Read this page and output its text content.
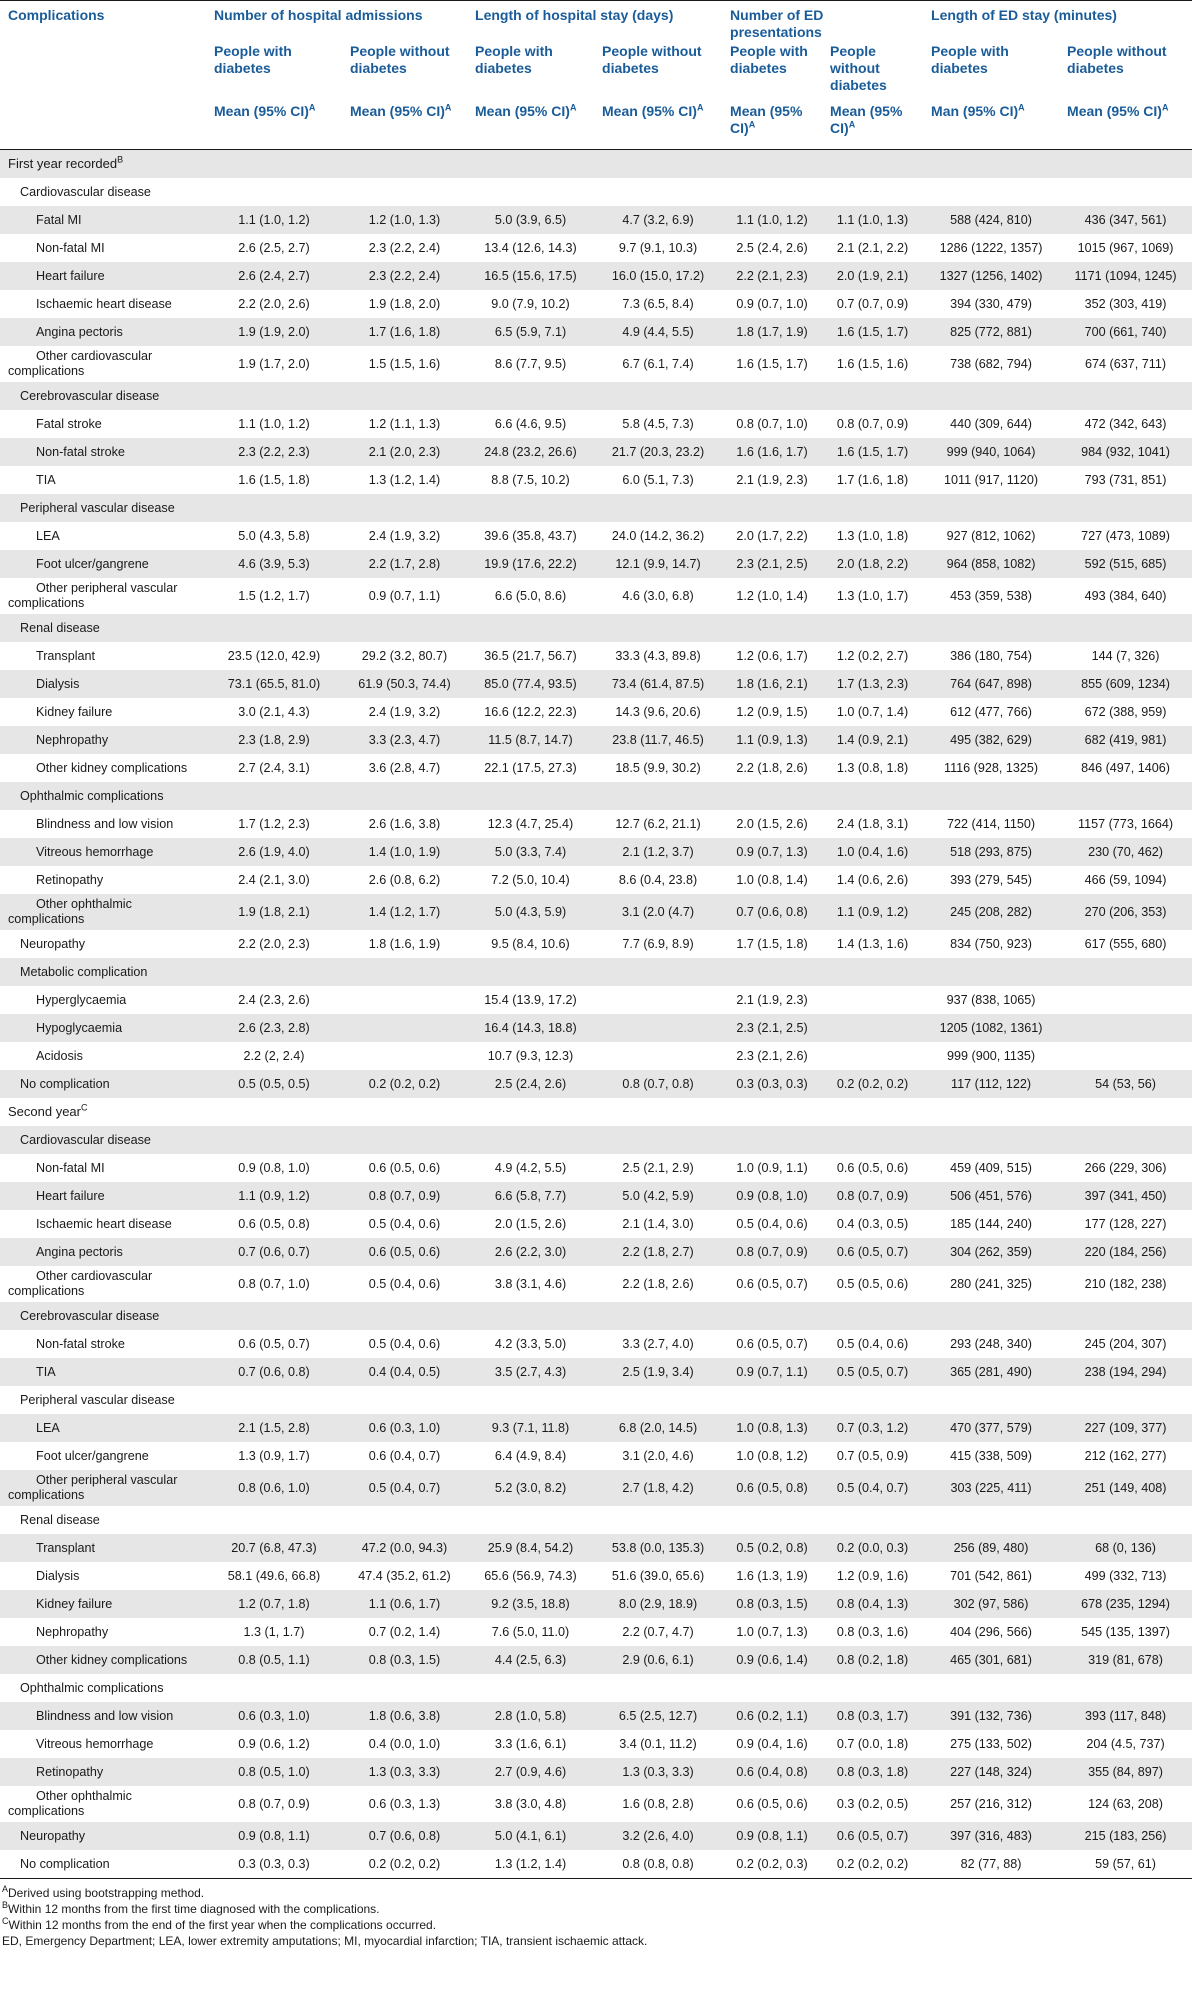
Complications	Number of hospital admissions		Length of hospital stay (days)		Number of ED presentations		Length of ED stay (minutes)	
	People with diabetes	People without diabetes	People with diabetes	People without diabetes	People with diabetes	People without diabetes	People with diabetes	People without diabetes
	Mean (95% CI)$^A$	Mean (95% CI)$^A$	Mean (95% CI)$^A$	Mean (95% CI)$^A$	Mean (95% CI)$^A$	Mean (95% CI)$^A$	Man (95% CI)$^A$	Mean (95% CI)$^A$
First year recorded$^B$								
Cardiovascular disease								
Fatal MI	1.1 (1.0, 1.2)	1.2 (1.0, 1.3)	5.0 (3.9, 6.5)	4.7 (3.2, 6.9)	1.1 (1.0, 1.2)	1.1 (1.0, 1.3)	588 (424, 810)	436 (347, 561)
Non-fatal MI	2.6 (2.5, 2.7)	2.3 (2.2, 2.4)	13.4 (12.6, 14.3)	9.7 (9.1, 10.3)	2.5 (2.4, 2.6)	2.1 (2.1, 2.2)	1286 (1222, 1357)	1015 (967, 1069)
Heart failure	2.6 (2.4, 2.7)	2.3 (2.2, 2.4)	16.5 (15.6, 17.5)	16.0 (15.0, 17.2)	2.2 (2.1, 2.3)	2.0 (1.9, 2.1)	1327 (1256, 1402)	1171 (1094, 1245)
Ischaemic heart disease	2.2 (2.0, 2.6)	1.9 (1.8, 2.0)	9.0 (7.9, 10.2)	7.3 (6.5, 8.4)	0.9 (0.7, 1.0)	0.7 (0.7, 0.9)	394 (330, 479)	352 (303, 419)
Angina pectoris	1.9 (1.9, 2.0)	1.7 (1.6, 1.8)	6.5 (5.9, 7.1)	4.9 (4.4, 5.5)	1.8 (1.7, 1.9)	1.6 (1.5, 1.7)	825 (772, 881)	700 (661, 740)
Other cardiovascular complications	1.9 (1.7, 2.0)	1.5 (1.5, 1.6)	8.6 (7.7, 9.5)	6.7 (6.1, 7.4)	1.6 (1.5, 1.7)	1.6 (1.5, 1.6)	738 (682, 794)	674 (637, 711)
Cerebrovascular disease								
Fatal stroke	1.1 (1.0, 1.2)	1.2 (1.1, 1.3)	6.6 (4.6, 9.5)	5.8 (4.5, 7.3)	0.8 (0.7, 1.0)	0.8 (0.7, 0.9)	440 (309, 644)	472 (342, 643)
Non-fatal stroke	2.3 (2.2, 2.3)	2.1 (2.0, 2.3)	24.8 (23.2, 26.6)	21.7 (20.3, 23.2)	1.6 (1.6, 1.7)	1.6 (1.5, 1.7)	999 (940, 1064)	984 (932, 1041)
TIA	1.6 (1.5, 1.8)	1.3 (1.2, 1.4)	8.8 (7.5, 10.2)	6.0 (5.1, 7.3)	2.1 (1.9, 2.3)	1.7 (1.6, 1.8)	1011 (917, 1120)	793 (731, 851)
Peripheral vascular disease								
LEA	5.0 (4.3, 5.8)	2.4 (1.9, 3.2)	39.6 (35.8, 43.7)	24.0 (14.2, 36.2)	2.0 (1.7, 2.2)	1.3 (1.0, 1.8)	927 (812, 1062)	727 (473, 1089)
Foot ulcer/gangrene	4.6 (3.9, 5.3)	2.2 (1.7, 2.8)	19.9 (17.6, 22.2)	12.1 (9.9, 14.7)	2.3 (2.1, 2.5)	2.0 (1.8, 2.2)	964 (858, 1082)	592 (515, 685)
Other peripheral vascular complications	1.5 (1.2, 1.7)	0.9 (0.7, 1.1)	6.6 (5.0, 8.6)	4.6 (3.0, 6.8)	1.2 (1.0, 1.4)	1.3 (1.0, 1.7)	453 (359, 538)	493 (384, 640)
Renal disease								
Transplant	23.5 (12.0, 42.9)	29.2 (3.2, 80.7)	36.5 (21.7, 56.7)	33.3 (4.3, 89.8)	1.2 (0.6, 1.7)	1.2 (0.2, 2.7)	386 (180, 754)	144 (7, 326)
Dialysis	73.1 (65.5, 81.0)	61.9 (50.3, 74.4)	85.0 (77.4, 93.5)	73.4 (61.4, 87.5)	1.8 (1.6, 2.1)	1.7 (1.3, 2.3)	764 (647, 898)	855 (609, 1234)
Kidney failure	3.0 (2.1, 4.3)	2.4 (1.9, 3.2)	16.6 (12.2, 22.3)	14.3 (9.6, 20.6)	1.2 (0.9, 1.5)	1.0 (0.7, 1.4)	612 (477, 766)	672 (388, 959)
Nephropathy	2.3 (1.8, 2.9)	3.3 (2.3, 4.7)	11.5 (8.7, 14.7)	23.8 (11.7, 46.5)	1.1 (0.9, 1.3)	1.4 (0.9, 2.1)	495 (382, 629)	682 (419, 981)
Other kidney complications	2.7 (2.4, 3.1)	3.6 (2.8, 4.7)	22.1 (17.5, 27.3)	18.5 (9.9, 30.2)	2.2 (1.8, 2.6)	1.3 (0.8, 1.8)	1116 (928, 1325)	846 (497, 1406)
Ophthalmic complications								
Blindness and low vision	1.7 (1.2, 2.3)	2.6 (1.6, 3.8)	12.3 (4.7, 25.4)	12.7 (6.2, 21.1)	2.0 (1.5, 2.6)	2.4 (1.8, 3.1)	722 (414, 1150)	1157 (773, 1664)
Vitreous hemorrhage	2.6 (1.9, 4.0)	1.4 (1.0, 1.9)	5.0 (3.3, 7.4)	2.1 (1.2, 3.7)	0.9 (0.7, 1.3)	1.0 (0.4, 1.6)	518 (293, 875)	230 (70, 462)
Retinopathy	2.4 (2.1, 3.0)	2.6 (0.8, 6.2)	7.2 (5.0, 10.4)	8.6 (0.4, 23.8)	1.0 (0.8, 1.4)	1.4 (0.6, 2.6)	393 (279, 545)	466 (59, 1094)
Other ophthalmic complications	1.9 (1.8, 2.1)	1.4 (1.2, 1.7)	5.0 (4.3, 5.9)	3.1 (2.0 (4.7)	0.7 (0.6, 0.8)	1.1 (0.9, 1.2)	245 (208, 282)	270 (206, 353)
Neuropathy	2.2 (2.0, 2.3)	1.8 (1.6, 1.9)	9.5 (8.4, 10.6)	7.7 (6.9, 8.9)	1.7 (1.5, 1.8)	1.4 (1.3, 1.6)	834 (750, 923)	617 (555, 680)
Metabolic complication								
Hyperglycaemia	2.4 (2.3, 2.6)		15.4 (13.9, 17.2)		2.1 (1.9, 2.3)		937 (838, 1065)	
Hypoglycaemia	2.6 (2.3, 2.8)		16.4 (14.3, 18.8)		2.3 (2.1, 2.5)		1205 (1082, 1361)	
Acidosis	2.2 (2, 2.4)		10.7 (9.3, 12.3)		2.3 (2.1, 2.6)		999 (900, 1135)	
No complication	0.5 (0.5, 0.5)	0.2 (0.2, 0.2)	2.5 (2.4, 2.6)	0.8 (0.7, 0.8)	0.3 (0.3, 0.3)	0.2 (0.2, 0.2)	117 (112, 122)	54 (53, 56)
Second year$^C$								
Cardiovascular disease								
Non-fatal MI	0.9 (0.8, 1.0)	0.6 (0.5, 0.6)	4.9 (4.2, 5.5)	2.5 (2.1, 2.9)	1.0 (0.9, 1.1)	0.6 (0.5, 0.6)	459 (409, 515)	266 (229, 306)
Heart failure	1.1 (0.9, 1.2)	0.8 (0.7, 0.9)	6.6 (5.8, 7.7)	5.0 (4.2, 5.9)	0.9 (0.8, 1.0)	0.8 (0.7, 0.9)	506 (451, 576)	397 (341, 450)
Ischaemic heart disease	0.6 (0.5, 0.8)	0.5 (0.4, 0.6)	2.0 (1.5, 2.6)	2.1 (1.4, 3.0)	0.5 (0.4, 0.6)	0.4 (0.3, 0.5)	185 (144, 240)	177 (128, 227)
Angina pectoris	0.7 (0.6, 0.7)	0.6 (0.5, 0.6)	2.6 (2.2, 3.0)	2.2 (1.8, 2.7)	0.8 (0.7, 0.9)	0.6 (0.5, 0.7)	304 (262, 359)	220 (184, 256)
Other cardiovascular complications	0.8 (0.7, 1.0)	0.5 (0.4, 0.6)	3.8 (3.1, 4.6)	2.2 (1.8, 2.6)	0.6 (0.5, 0.7)	0.5 (0.5, 0.6)	280 (241, 325)	210 (182, 238)
Cerebrovascular disease								
Non-fatal stroke	0.6 (0.5, 0.7)	0.5 (0.4, 0.6)	4.2 (3.3, 5.0)	3.3 (2.7, 4.0)	0.6 (0.5, 0.7)	0.5 (0.4, 0.6)	293 (248, 340)	245 (204, 307)
TIA	0.7 (0.6, 0.8)	0.4 (0.4, 0.5)	3.5 (2.7, 4.3)	2.5 (1.9, 3.4)	0.9 (0.7, 1.1)	0.5 (0.5, 0.7)	365 (281, 490)	238 (194, 294)
Peripheral vascular disease								
LEA	2.1 (1.5, 2.8)	0.6 (0.3, 1.0)	9.3 (7.1, 11.8)	6.8 (2.0, 14.5)	1.0 (0.8, 1.3)	0.7 (0.3, 1.2)	470 (377, 579)	227 (109, 377)
Foot ulcer/gangrene	1.3 (0.9, 1.7)	0.6 (0.4, 0.7)	6.4 (4.9, 8.4)	3.1 (2.0, 4.6)	1.0 (0.8, 1.2)	0.7 (0.5, 0.9)	415 (338, 509)	212 (162, 277)
Other peripheral vascular complications	0.8 (0.6, 1.0)	0.5 (0.4, 0.7)	5.2 (3.0, 8.2)	2.7 (1.8, 4.2)	0.6 (0.5, 0.8)	0.5 (0.4, 0.7)	303 (225, 411)	251 (149, 408)
Renal disease								
Transplant	20.7 (6.8, 47.3)	47.2 (0.0, 94.3)	25.9 (8.4, 54.2)	53.8 (0.0, 135.3)	0.5 (0.2, 0.8)	0.2 (0.0, 0.3)	256 (89, 480)	68 (0, 136)
Dialysis	58.1 (49.6, 66.8)	47.4 (35.2, 61.2)	65.6 (56.9, 74.3)	51.6 (39.0, 65.6)	1.6 (1.3, 1.9)	1.2 (0.9, 1.6)	701 (542, 861)	499 (332, 713)
Kidney failure	1.2 (0.7, 1.8)	1.1 (0.6, 1.7)	9.2 (3.5, 18.8)	8.0 (2.9, 18.9)	0.8 (0.3, 1.5)	0.8 (0.4, 1.3)	302 (97, 586)	678 (235, 1294)
Nephropathy	1.3 (1, 1.7)	0.7 (0.2, 1.4)	7.6 (5.0, 11.0)	2.2 (0.7, 4.7)	1.0 (0.7, 1.3)	0.8 (0.3, 1.6)	404 (296, 566)	545 (135, 1397)
Other kidney complications	0.8 (0.5, 1.1)	0.8 (0.3, 1.5)	4.4 (2.5, 6.3)	2.9 (0.6, 6.1)	0.9 (0.6, 1.4)	0.8 (0.2, 1.8)	465 (301, 681)	319 (81, 678)
Ophthalmic complications								
Blindness and low vision	0.6 (0.3, 1.0)	1.8 (0.6, 3.8)	2.8 (1.0, 5.8)	6.5 (2.5, 12.7)	0.6 (0.2, 1.1)	0.8 (0.3, 1.7)	391 (132, 736)	393 (117, 848)
Vitreous hemorrhage	0.9 (0.6, 1.2)	0.4 (0.0, 1.0)	3.3 (1.6, 6.1)	3.4 (0.1, 11.2)	0.9 (0.4, 1.6)	0.7 (0.0, 1.8)	275 (133, 502)	204 (4.5, 737)
Retinopathy	0.8 (0.5, 1.0)	1.3 (0.3, 3.3)	2.7 (0.9, 4.6)	1.3 (0.3, 3.3)	0.6 (0.4, 0.8)	0.8 (0.3, 1.8)	227 (148, 324)	355 (84, 897)
Other ophthalmic complications	0.8 (0.7, 0.9)	0.6 (0.3, 1.3)	3.8 (3.0, 4.8)	1.6 (0.8, 2.8)	0.6 (0.5, 0.6)	0.3 (0.2, 0.5)	257 (216, 312)	124 (63, 208)
Neuropathy	0.9 (0.8, 1.1)	0.7 (0.6, 0.8)	5.0 (4.1, 6.1)	3.2 (2.6, 4.0)	0.9 (0.8, 1.1)	0.6 (0.5, 0.7)	397 (316, 483)	215 (183, 256)
No complication	0.3 (0.3, 0.3)	0.2 (0.2, 0.2)	1.3 (1.2, 1.4)	0.8 (0.8, 0.8)	0.2 (0.2, 0.3)	0.2 (0.2, 0.2)	82 (77, 88)	59 (57, 61)
$^A$Derived using bootstrapping method.
$^B$Within 12 months from the first time diagnosed with the complications.
$^C$Within 12 months from the end of the first year when the complications occurred.
ED, Emergency Department; LEA, lower extremity amputations; MI, myocardial infarction; TIA, transient ischaemic attack.
